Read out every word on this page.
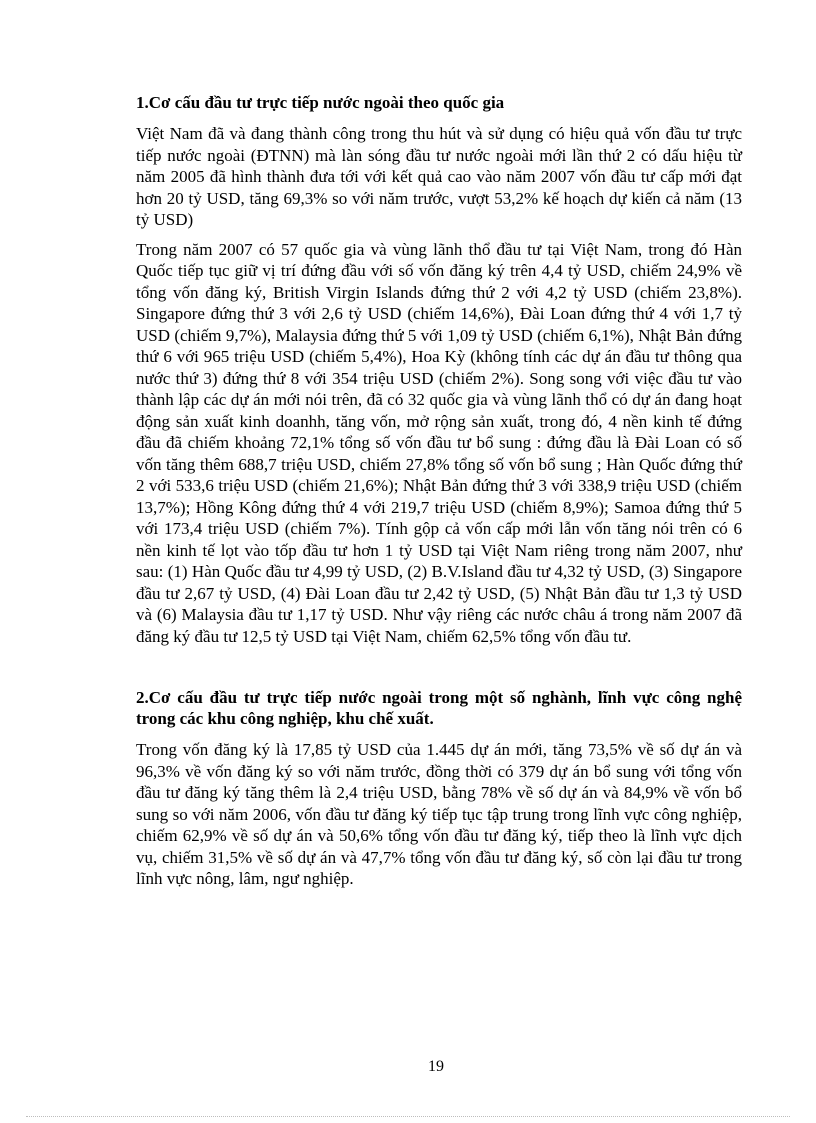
1.Cơ cấu đầu tư trực tiếp nước ngoài theo quốc gia

Việt Nam đã và đang thành công trong thu hút và sử dụng có hiệu quả vốn đầu tư trực tiếp nước ngoài (ĐTNN) mà làn sóng đầu tư nước ngoài mới lần thứ 2 có dấu hiệu từ năm 2005 đã hình thành đưa tới với kết quả cao vào năm 2007 vốn đầu tư cấp mới đạt hơn 20 tỷ USD, tăng 69,3% so với năm trước, vượt 53,2% kế hoạch dự kiến cả năm (13 tỷ USD)

Trong năm 2007 có 57 quốc gia và vùng lãnh thổ đầu tư tại Việt Nam, trong đó Hàn Quốc tiếp tục giữ vị trí đứng đầu với số vốn đăng ký trên 4,4 tỷ USD, chiếm 24,9% về tổng vốn đăng ký, British Virgin Islands đứng thứ 2 với 4,2 tỷ USD (chiếm 23,8%). Singapore đứng thứ 3 với 2,6 tỷ USD (chiếm 14,6%), Đài Loan đứng thứ 4 với 1,7 tỷ USD (chiếm 9,7%), Malaysia đứng thứ 5 với 1,09 tỷ USD (chiếm 6,1%), Nhật Bản đứng thứ 6 với 965 triệu USD (chiếm 5,4%), Hoa Kỳ (không tính các dự án đầu tư thông qua nước thứ 3) đứng thứ 8 với 354 triệu USD (chiếm 2%). Song song với việc đầu tư vào thành lập các dự án mới nói trên, đã có 32 quốc gia và vùng lãnh thổ có dự án đang hoạt động sản xuất kinh doanhh, tăng vốn, mở rộng sản xuất, trong đó, 4 nền kinh tế đứng đầu đã chiếm khoảng 72,1% tổng số vốn đầu tư bổ sung : đứng đầu là Đài Loan có số vốn tăng thêm 688,7 triệu USD, chiếm 27,8% tổng số vốn bổ sung ; Hàn Quốc đứng thứ 2 với 533,6 triệu USD (chiếm 21,6%); Nhật Bản đứng thứ 3 với 338,9 triệu USD (chiếm 13,7%); Hồng Kông đứng thứ 4 với 219,7 triệu USD (chiếm 8,9%); Samoa đứng thứ 5 với 173,4 triệu USD (chiếm 7%). Tính gộp cả vốn cấp mới lẫn vốn tăng nói trên có 6 nền kinh tế lọt vào tốp đầu tư hơn 1 tỷ USD tại Việt Nam riêng trong năm 2007, như sau: (1) Hàn Quốc đầu tư 4,99 tỷ USD, (2) B.V.Island đầu tư 4,32 tỷ USD, (3) Singapore đầu tư 2,67 tỷ USD, (4) Đài Loan đầu tư 2,42 tỷ USD, (5) Nhật Bản đầu tư 1,3 tỷ USD và (6) Malaysia đầu tư 1,17 tỷ USD. Như vậy riêng các nước châu á trong năm 2007 đã đăng ký đầu tư 12,5 tỷ USD tại Việt Nam, chiếm 62,5% tổng vốn đầu tư.

2.Cơ cấu đầu tư trực tiếp nước ngoài trong một số nghành, lĩnh vực công nghệ trong các khu công nghiệp, khu chế xuất.

Trong vốn đăng ký là 17,85 tỷ USD của 1.445 dự án mới, tăng 73,5% về số dự án và 96,3% về vốn đăng ký so với năm trước, đồng thời có 379 dự án bổ sung với tổng vốn đầu tư đăng ký tăng thêm là 2,4 triệu USD, bằng 78% về số dự án và 84,9% về vốn bổ sung so với năm 2006, vốn đầu tư đăng ký tiếp tục tập trung trong lĩnh vực công nghiệp, chiếm 62,9% về số dự án và 50,6% tổng vốn đầu tư đăng ký, tiếp theo là lĩnh vực dịch vụ, chiếm 31,5% về số dự án và 47,7% tổng vốn đầu tư đăng ký, số còn lại đầu tư trong lĩnh vực nông, lâm, ngư nghiệp.

19
